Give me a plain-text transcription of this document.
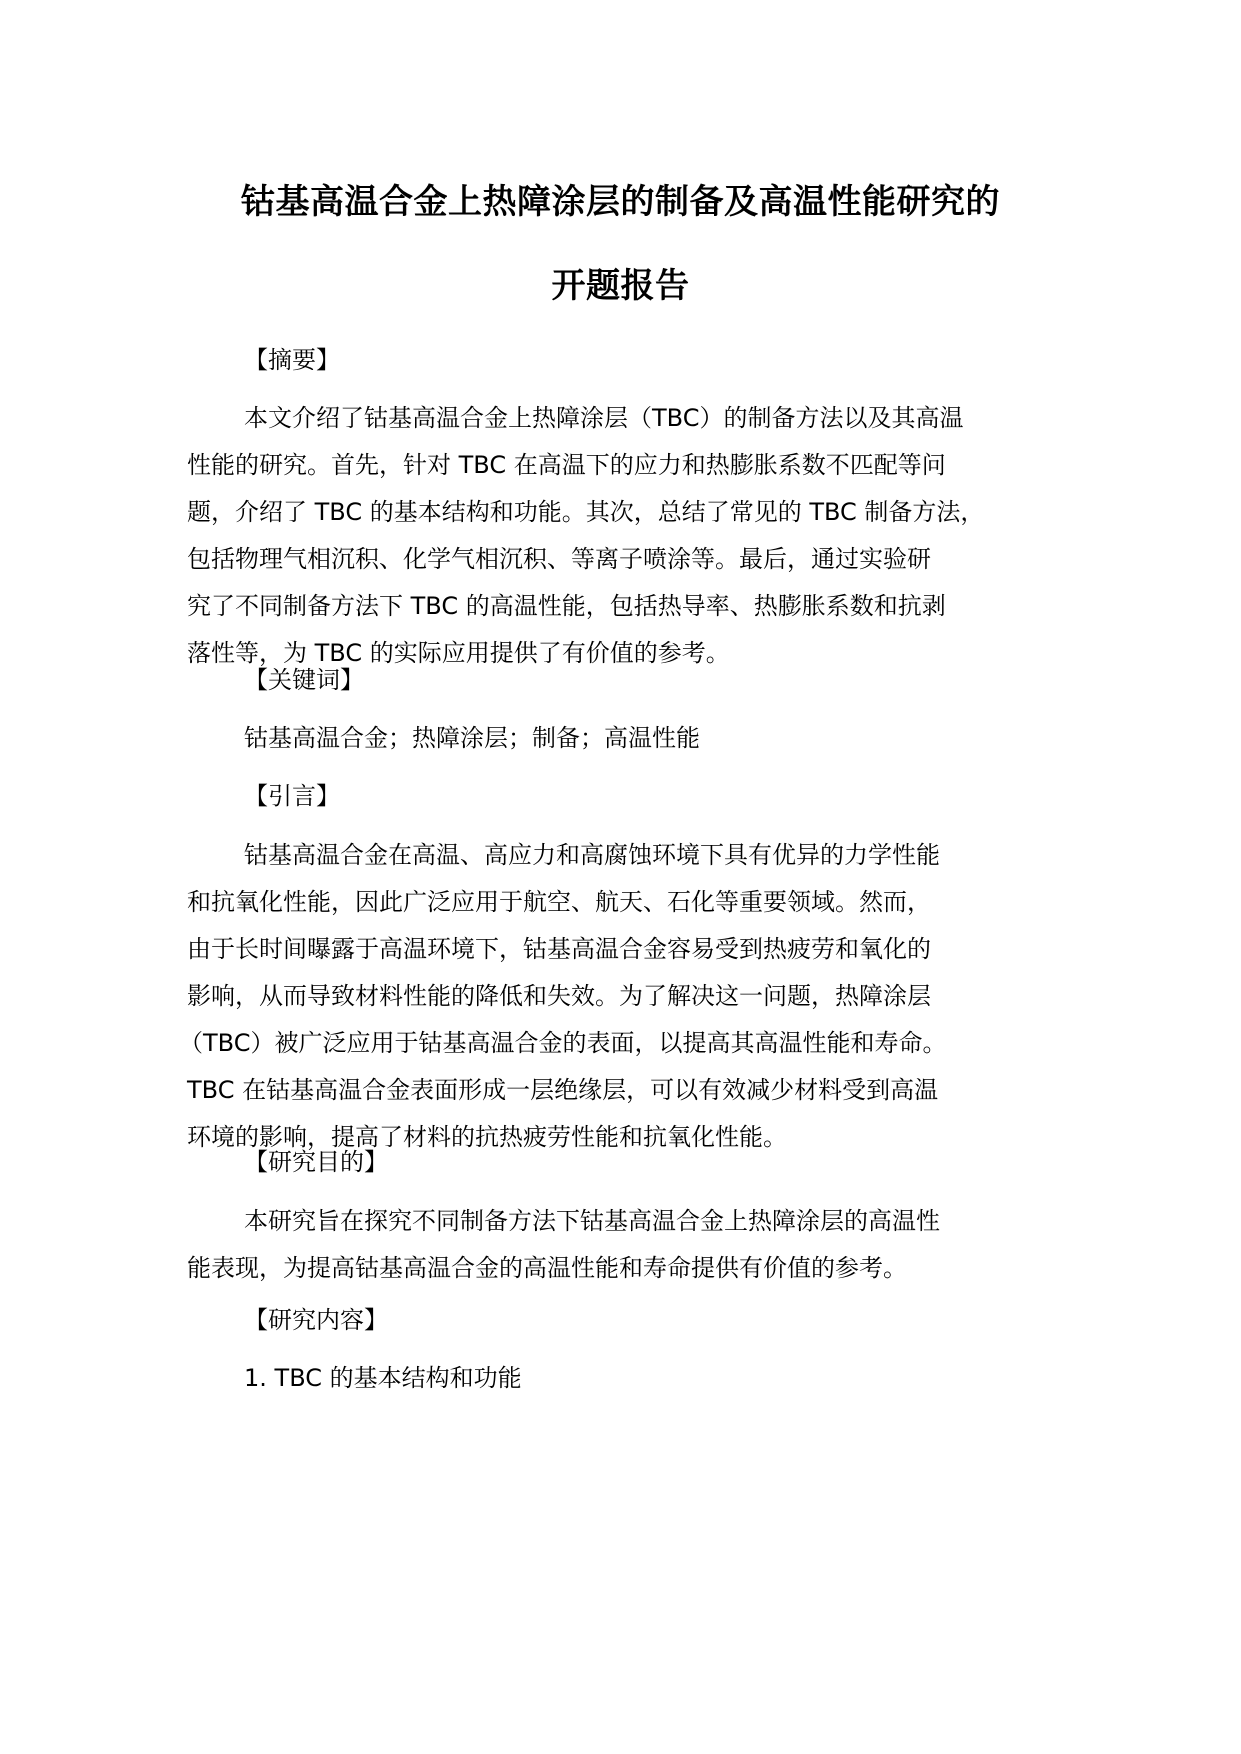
钴基高温合金上热障涂层的制备及高温性能研究的
开题报告
【摘要】
本文介绍了钴基高温合金上热障涂层（TBC）的制备方法以及其高温
性能的研究。首先，针对 TBC 在高温下的应力和热膨胀系数不匹配等问
题，介绍了 TBC 的基本结构和功能。其次，总结了常见的 TBC 制备方法，
包括物理气相沉积、化学气相沉积、等离子喷涂等。最后，通过实验研
究了不同制备方法下 TBC 的高温性能，包括热导率、热膨胀系数和抗剥
落性等，为 TBC 的实际应用提供了有价值的参考。
【关键词】
钴基高温合金；热障涂层；制备；高温性能
【引言】
钴基高温合金在高温、高应力和高腐蚀环境下具有优异的力学性能
和抗氧化性能，因此广泛应用于航空、航天、石化等重要领域。然而，
由于长时间曝露于高温环境下，钴基高温合金容易受到热疲劳和氧化的
影响，从而导致材料性能的降低和失效。为了解决这一问题，热障涂层
（TBC）被广泛应用于钴基高温合金的表面，以提高其高温性能和寿命。
TBC 在钴基高温合金表面形成一层绝缘层，可以有效减少材料受到高温
环境的影响，提高了材料的抗热疲劳性能和抗氧化性能。
【研究目的】
本研究旨在探究不同制备方法下钴基高温合金上热障涂层的高温性
能表现，为提高钴基高温合金的高温性能和寿命提供有价值的参考。
【研究内容】
1. TBC 的基本结构和功能
